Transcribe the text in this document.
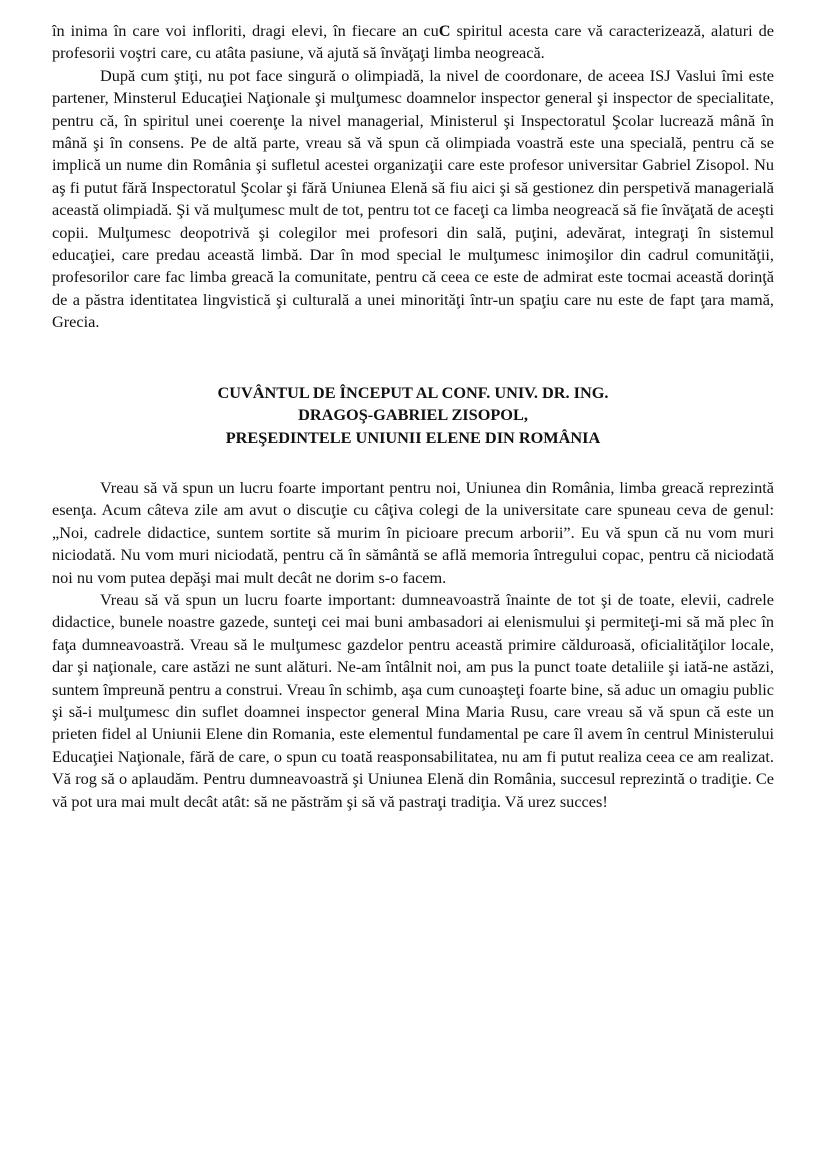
în inima în care voi infloriti, dragi elevi, în fiecare an cuC spiritul acesta care vă caracterizează, alaturi de profesorii voştri care, cu atâta pasiune, vă ajută să învăţaţi limba neogreacă.

După cum ştiţi, nu pot face singură o olimpiadă, la nivel de coordonare, de aceea ISJ Vaslui îmi este partener, Minsterul Educaţiei Naţionale şi mulţumesc doamnelor inspector general şi inspector de specialitate, pentru că, în spiritul unei coerenţe la nivel managerial, Ministerul şi Inspectoratul Şcolar lucrează mână în mână şi în consens. Pe de altă parte, vreau să vă spun că olimpiada voastră este una specială, pentru că se implică un nume din România şi sufletul acestei organizaţii care este profesor universitar Gabriel Zisopol. Nu aş fi putut fără Inspectoratul Şcolar şi fără Uniunea Elenă să fiu aici şi să gestionez din perspetivă managerială această olimpiadă. Şi vă mulţumesc mult de tot, pentru tot ce faceţi ca limba neogreacă să fie învăţată de aceşti copii. Mulţumesc deopotrivă şi colegilor mei profesori din sală, puţini, adevărat, integraţi în sistemul educaţiei, care predau această limbă. Dar în mod special le mulţumesc inimoşilor din cadrul comunităţii, profesorilor care fac limba greacă la comunitate, pentru că ceea ce este de admirat este tocmai această dorinţă de a păstra identitatea lingvistică şi culturală a unei minorităţi într-un spaţiu care nu este de fapt ţara mamă, Grecia.

CUVÂNTUL DE ÎNCEPUT AL CONF. UNIV. DR. ING.
DRAGOŞ-GABRIEL ZISOPOL,
PREŞEDINTELE UNIUNII ELENE DIN ROMÂNIA

Vreau să vă spun un lucru foarte important pentru noi, Uniunea din România, limba greacă reprezintă esenţa. Acum câteva zile am avut o discuţie cu câţiva colegi de la universitate care spuneau ceva de genul: „Noi, cadrele didactice, suntem sortite să murim în picioare precum arborii”. Eu vă spun că nu vom muri niciodată. Nu vom muri niciodată, pentru că în sământă se află memoria întregului copac, pentru că niciodată noi nu vom putea depăşi mai mult decât ne dorim s-o facem.

Vreau să vă spun un lucru foarte important: dumneavoastră înainte de tot şi de toate, elevii, cadrele didactice, bunele noastre gazede, sunteţi cei mai buni ambasadori ai elenismului şi permiteţi-mi să mă plec în faţa dumneavoastră. Vreau să le mulţumesc gazdelor pentru această primire călduroasă, oficialităţilor locale, dar şi naţionale, care astăzi ne sunt alături. Ne-am întâlnit noi, am pus la punct toate detaliile şi iată-ne astăzi, suntem împreună pentru a construi. Vreau în schimb, aşa cum cunoaşteţi foarte bine, să aduc un omagiu public şi să-i mulţumesc din suflet doamnei inspector general Mina Maria Rusu, care vreau să vă spun că este un prieten fidel al Uniunii Elene din Romania, este elementul fundamental pe care îl avem în centrul Ministerului Educaţiei Naţionale, fără de care, o spun cu toată reasponsabilitatea, nu am fi putut realiza ceea ce am realizat. Vă rog să o aplaudăm. Pentru dumneavoastră şi Uniunea Elenă din România, succesul reprezintă o tradiţie. Ce vă pot ura mai mult decât atât: să ne păstrăm şi să vă pastraţi tradiţia. Vă urez succes!
